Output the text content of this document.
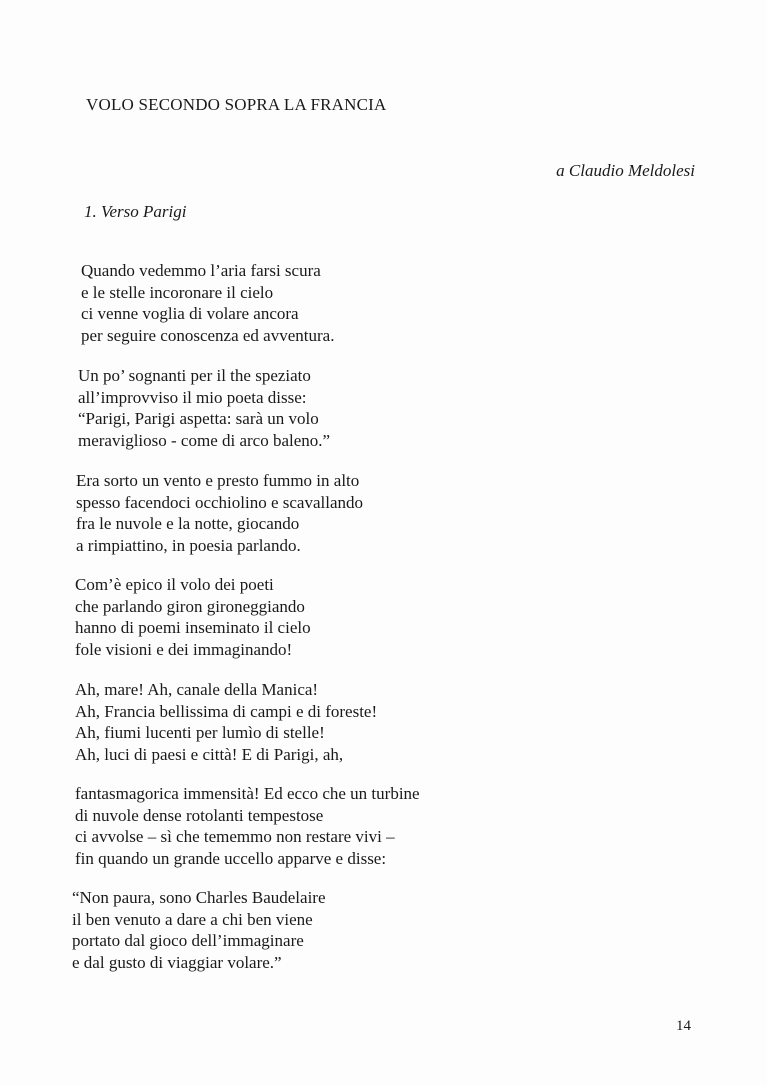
VOLO SECONDO SOPRA LA FRANCIA
a Claudio Meldolesi
1. Verso Parigi
Quando vedemmo l’aria farsi scura
e le stelle incoronare il cielo
ci venne voglia di volare ancora
per seguire conoscenza ed avventura.
Un po’ sognanti per il the speziato
all’improvviso il mio poeta disse:
“Parigi, Parigi aspetta: sarà un volo
meraviglioso - come di arco baleno.”
Era sorto un vento e presto fummo in alto
spesso facendoci occhiolino e scavallando
fra le nuvole e la notte, giocando
a rimpiattino, in poesia parlando.
Com’è epico il volo dei poeti
che parlando giron gironeggiando
hanno di poemi inseminato il cielo
fole visioni e dei immaginando!
Ah, mare! Ah, canale della Manica!
Ah, Francia bellissima di campi e di foreste!
Ah, fiumi lucenti per lumìo di stelle!
Ah, luci di paesi e città! E di Parigi, ah,
fantasmagorica immensità! Ed ecco che un turbine
di nuvole dense rotolanti tempestose
ci avvolse – sì che tememmo non restare vivi –
fin quando un grande uccello apparve e disse:
“Non paura, sono Charles Baudelaire
il ben venuto a dare a chi ben viene
portato dal gioco dell’immaginare
e dal gusto di viaggiar volare.”
14
